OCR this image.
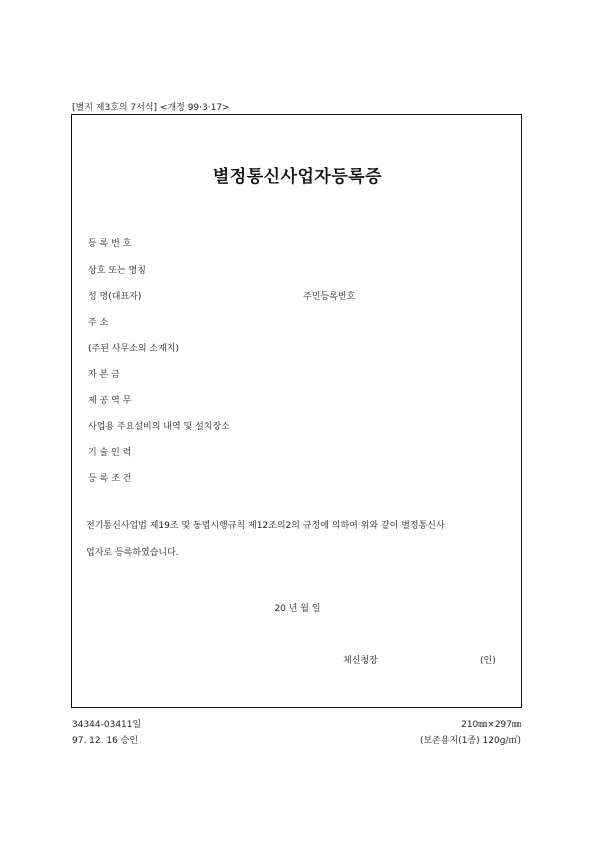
[별지 제3호의 7서식] <개정 99·3·17>
별정통신사업자등록증
등 록 번 호
상호 또는 명칭
성 명(대표자)	주민등록번호
주 소
(주된 사무소의 소재지)
자 본 금
제 공 역 무
사업용 주요설비의 내역 및 설치장소
기 술 인 력
등 록 조 건
전기통신사업법 제19조 및 동법시행규칙 제12조의2의 규정에 의하여 위와 같이 별정통신사
업자로 등록하였습니다.
20 년 월 일
체신청장	(인)
34344-03411일
97. 12. 16 승인
210㎜×297㎜
(보존용지(1종) 120g/㎡)
